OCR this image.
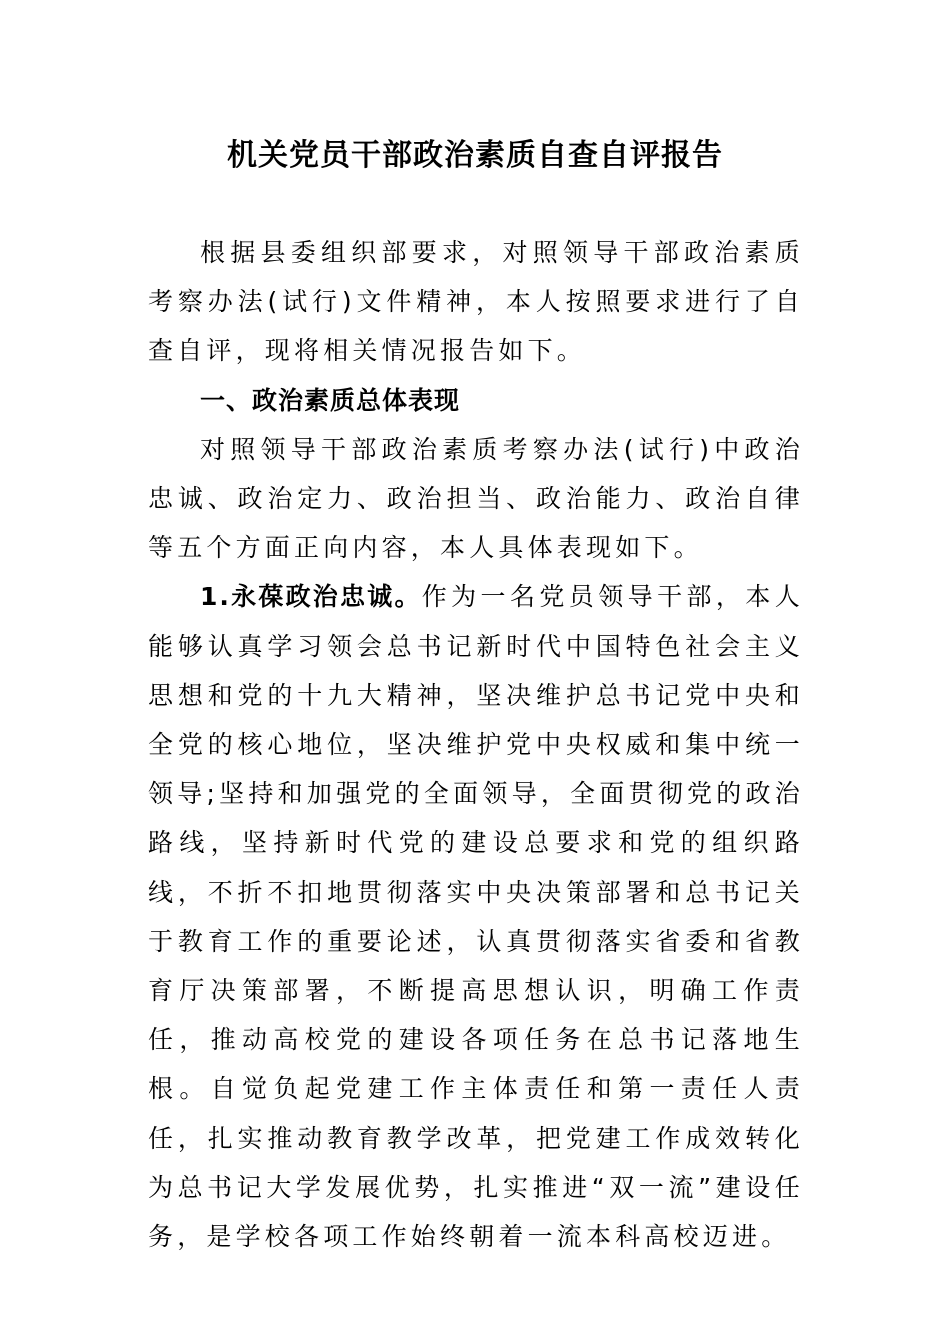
机关党员干部政治素质自查自评报告

根据县委组织部要求，对照领导干部政治素质考察办法(试行)文件精神，本人按照要求进行了自查自评，现将相关情况报告如下。

一、政治素质总体表现

对照领导干部政治素质考察办法(试行)中政治忠诚、政治定力、政治担当、政治能力、政治自律等五个方面正向内容，本人具体表现如下。

1.永葆政治忠诚。作为一名党员领导干部，本人能够认真学习领会总书记新时代中国特色社会主义思想和党的十九大精神，坚决维护总书记党中央和全党的核心地位，坚决维护党中央权威和集中统一领导;坚持和加强党的全面领导，全面贯彻党的政治路线，坚持新时代党的建设总要求和党的组织路线，不折不扣地贯彻落实中央决策部署和总书记关于教育工作的重要论述，认真贯彻落实省委和省教育厅决策部署，不断提高思想认识，明确工作责任，推动高校党的建设各项任务在总书记落地生根。自觉负起党建工作主体责任和第一责任人责任，扎实推动教育教学改革，把党建工作成效转化为总书记大学发展优势，扎实推进“双一流”建设任务，是学校各项工作始终朝着一流本科高校迈进。
